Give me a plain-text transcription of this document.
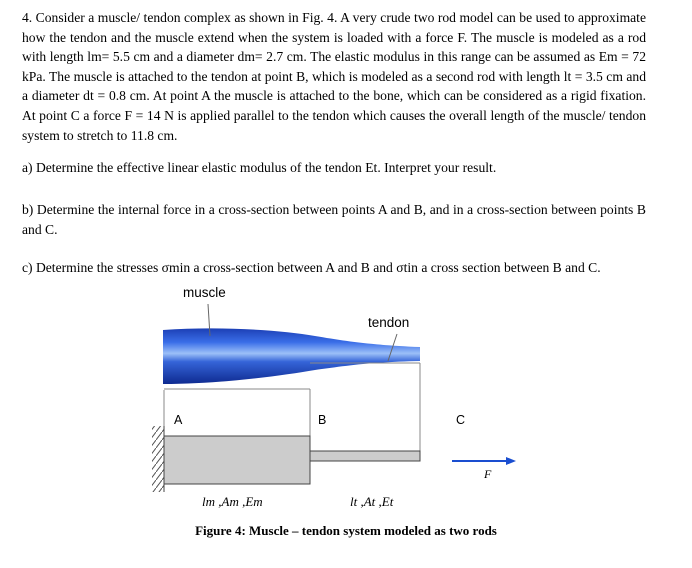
4. Consider a muscle/ tendon complex as shown in Fig. 4. A very crude two rod model can be used to approximate how the tendon and the muscle extend when the system is loaded with a force F. The muscle is modeled as a rod with length lm= 5.5 cm and a diameter dm= 2.7 cm. The elastic modulus in this range can be assumed as Em = 72 kPa. The muscle is attached to the tendon at point B, which is modeled as a second rod with length lt = 3.5 cm and a diameter dt = 0.8 cm. At point A the muscle is attached to the bone, which can be considered as a rigid fixation. At point C a force F = 14 N is applied parallel to the tendon which causes the overall length of the muscle/ tendon system to stretch to 11.8 cm.
a) Determine the effective linear elastic modulus of the tendon Et. Interpret your result.
b) Determine the internal force in a cross-section between points A and B, and in a cross-section between points B and C.
c) Determine the stresses σmin a cross-section between A and B and σtin a cross section between B and C.
muscle
tendon
A	B	C
F
lm ,Am ,Em	lt ,At ,Et
Figure 4: Muscle – tendon system modeled as two rods
